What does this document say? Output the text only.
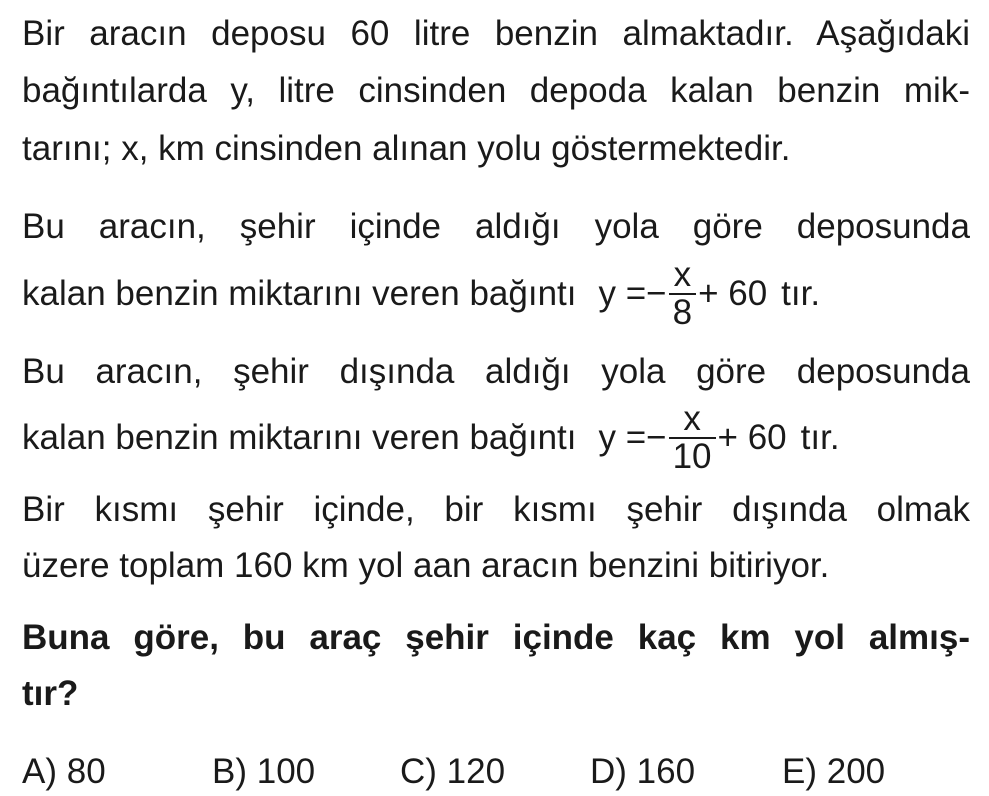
Bir aracın deposu 60 litre benzin almaktadır. Aşağıdaki
bağıntılarda y, litre cinsinden depoda kalan benzin mik-
tarını; x, km cinsinden alınan yolu göstermektedir.
Bu aracın, şehir içinde aldığı yola göre deposunda
kalan benzin miktarını veren bağıntı $y =- \frac{x}{8} + 60$ tır.
Bu aracın, şehir dışında aldığı yola göre deposunda
kalan benzin miktarını veren bağıntı $y =- \frac{x}{10} + 60$ tır.
Bir kısmı şehir içinde, bir kısmı şehir dışında olmak
üzere toplam 160 km yol aan aracın benzini bitiriyor.
Buna göre, bu araç şehir içinde kaç km yol almış-
tır?
A) 80	B) 100 C) 120 D) 160 E) 200
